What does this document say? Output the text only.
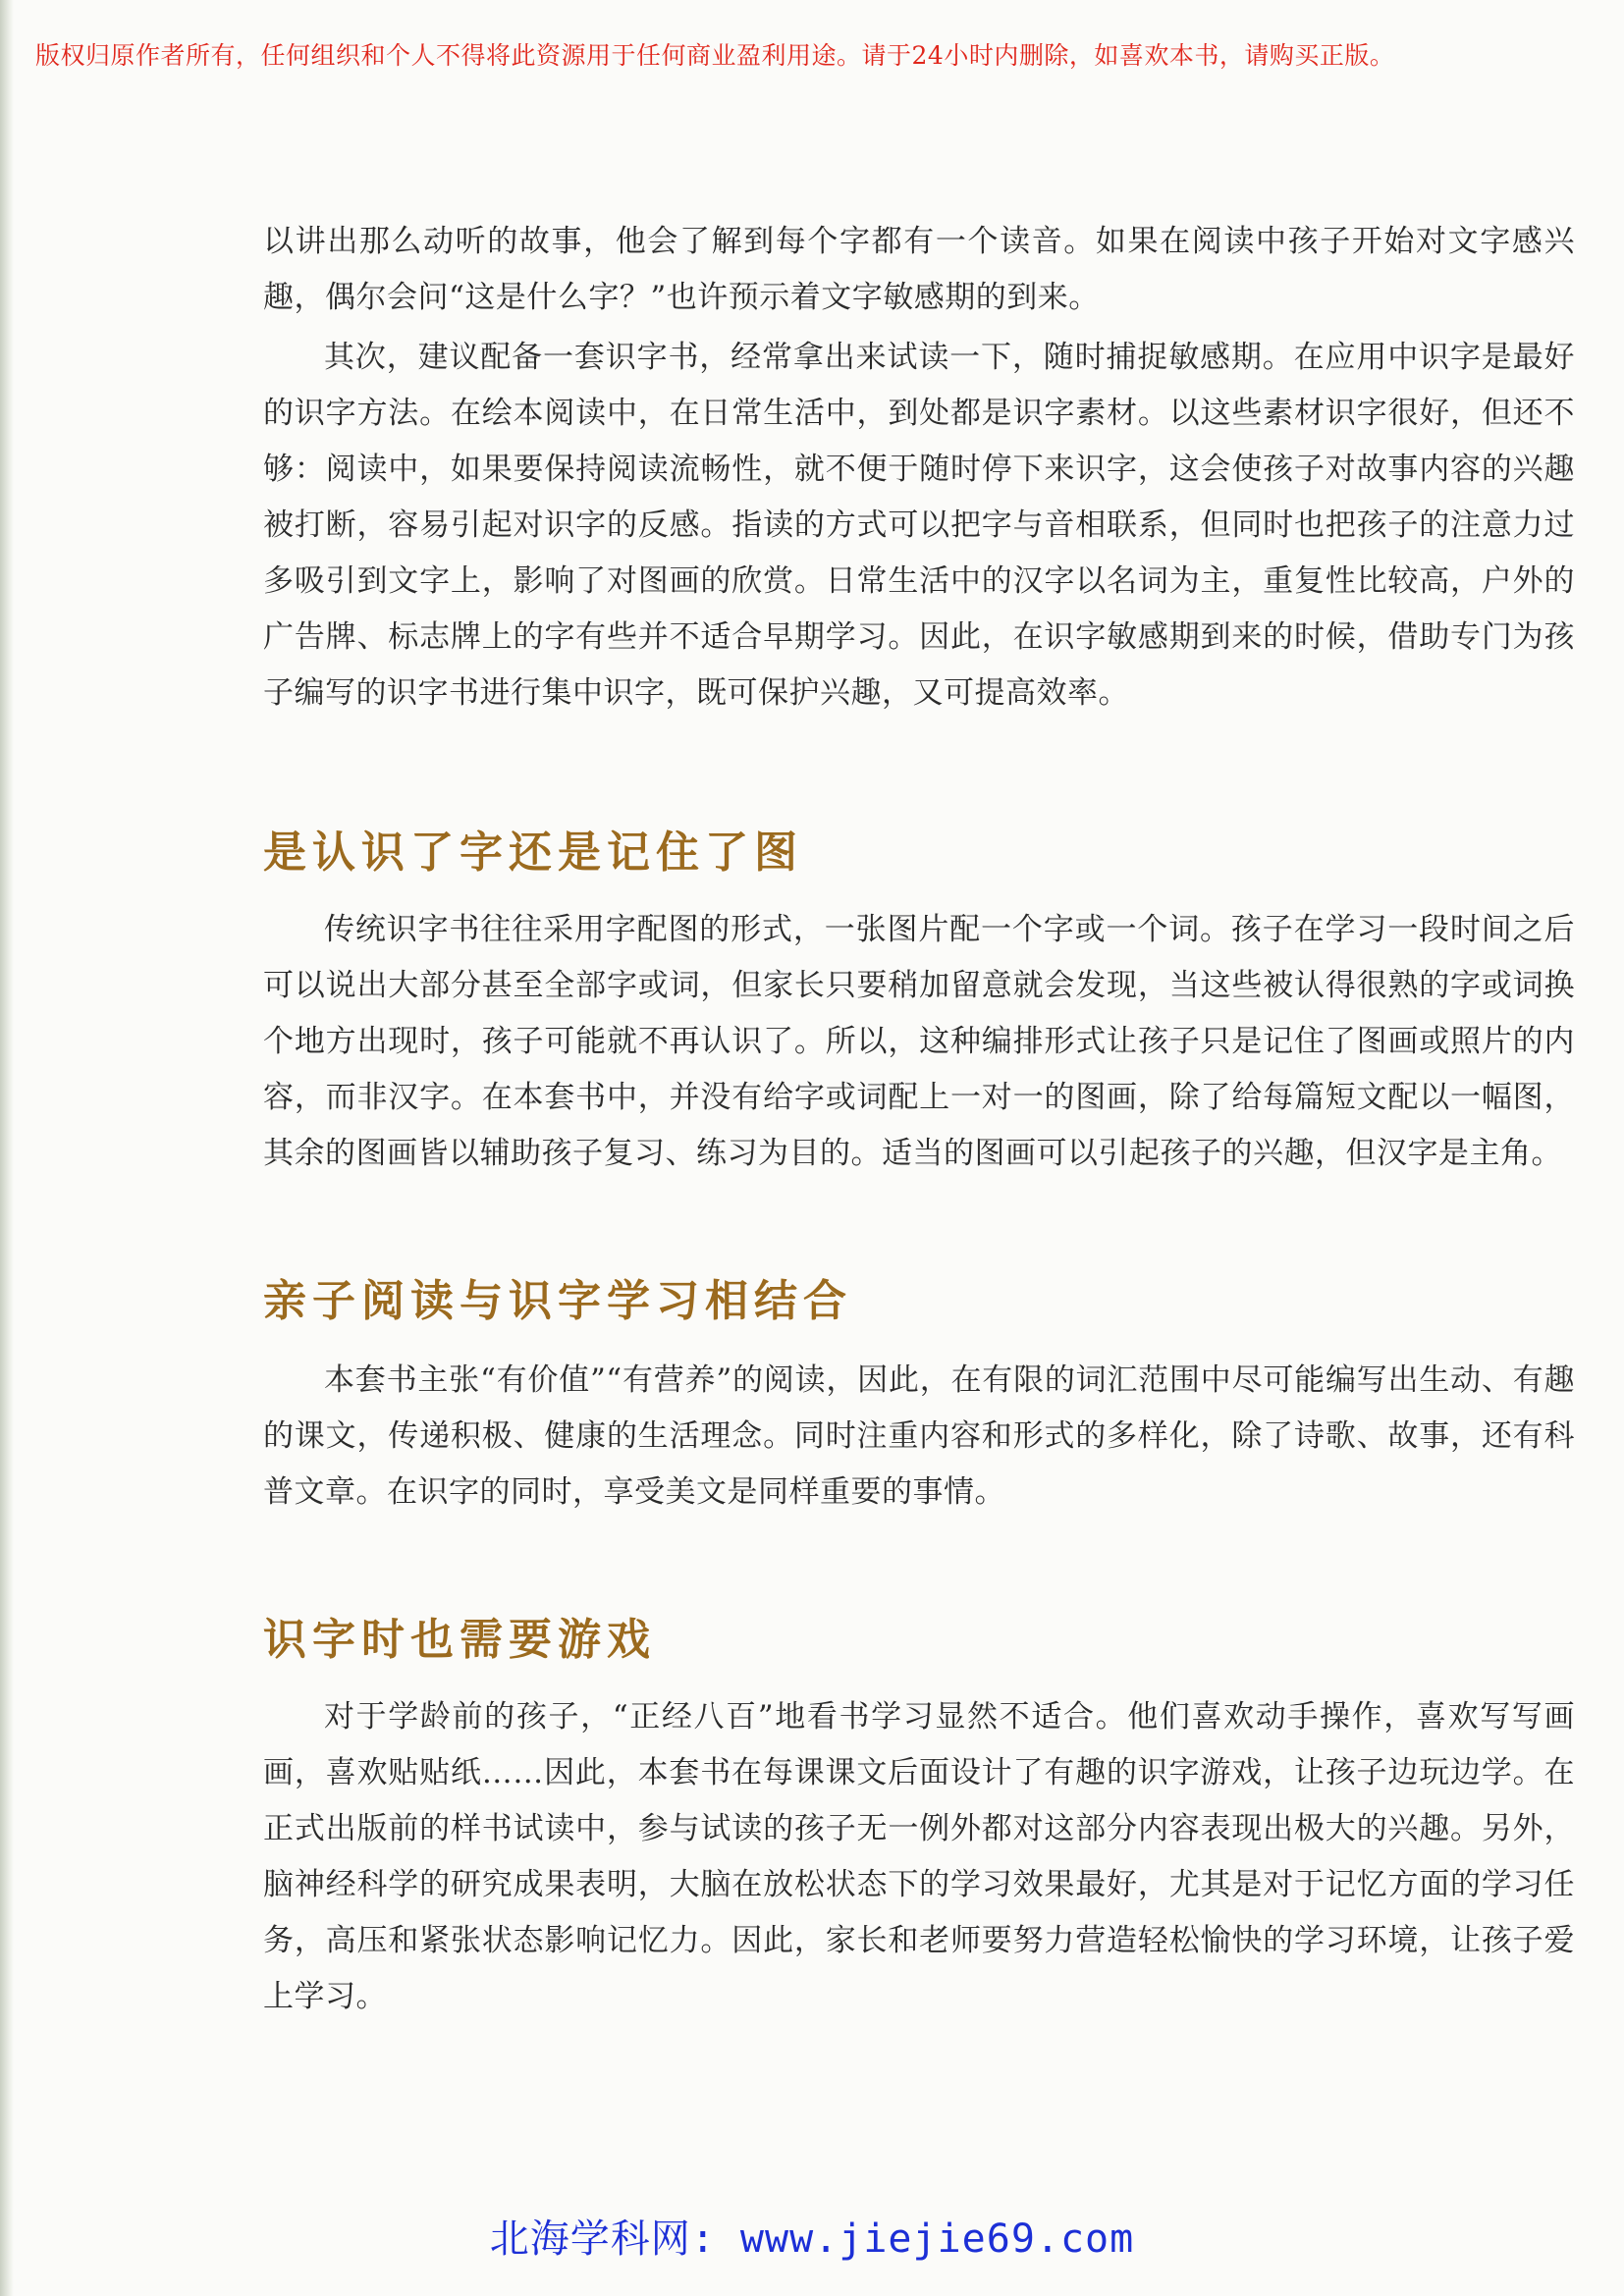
版权归原作者所有，任何组织和个人不得将此资源用于任何商业盈利用途。请于24小时内删除，如喜欢本书，请购买正版。

以讲出那么动听的故事，他会了解到每个字都有一个读音。如果在阅读中孩子开始对文字感兴趣，偶尔会问“这是什么字？”也许预示着文字敏感期的到来。

其次，建议配备一套识字书，经常拿出来试读一下，随时捕捉敏感期。在应用中识字是最好的识字方法。在绘本阅读中，在日常生活中，到处都是识字素材。以这些素材识字很好，但还不够：阅读中，如果要保持阅读流畅性，就不便于随时停下来识字，这会使孩子对故事内容的兴趣被打断，容易引起对识字的反感。指读的方式可以把字与音相联系，但同时也把孩子的注意力过多吸引到文字上，影响了对图画的欣赏。日常生活中的汉字以名词为主，重复性比较高，户外的广告牌、标志牌上的字有些并不适合早期学习。因此，在识字敏感期到来的时候，借助专门为孩子编写的识字书进行集中识字，既可保护兴趣，又可提高效率。

是认识了字还是记住了图

传统识字书往往采用字配图的形式，一张图片配一个字或一个词。孩子在学习一段时间之后可以说出大部分甚至全部字或词，但家长只要稍加留意就会发现，当这些被认得很熟的字或词换个地方出现时，孩子可能就不再认识了。所以，这种编排形式让孩子只是记住了图画或照片的内容，而非汉字。在本套书中，并没有给字或词配上一对一的图画，除了给每篇短文配以一幅图，其余的图画皆以辅助孩子复习、练习为目的。适当的图画可以引起孩子的兴趣，但汉字是主角。

亲子阅读与识字学习相结合

本套书主张“有价值”“有营养”的阅读，因此，在有限的词汇范围中尽可能编写出生动、有趣的课文，传递积极、健康的生活理念。同时注重内容和形式的多样化，除了诗歌、故事，还有科普文章。在识字的同时，享受美文是同样重要的事情。

识字时也需要游戏

对于学龄前的孩子，“正经八百”地看书学习显然不适合。他们喜欢动手操作，喜欢写写画画，喜欢贴贴纸……因此，本套书在每课课文后面设计了有趣的识字游戏，让孩子边玩边学。在正式出版前的样书试读中，参与试读的孩子无一例外都对这部分内容表现出极大的兴趣。另外，脑神经科学的研究成果表明，大脑在放松状态下的学习效果最好，尤其是对于记忆方面的学习任务，高压和紧张状态影响记忆力。因此，家长和老师要努力营造轻松愉快的学习环境，让孩子爱上学习。

北海学科网: www.jiejie69.com
